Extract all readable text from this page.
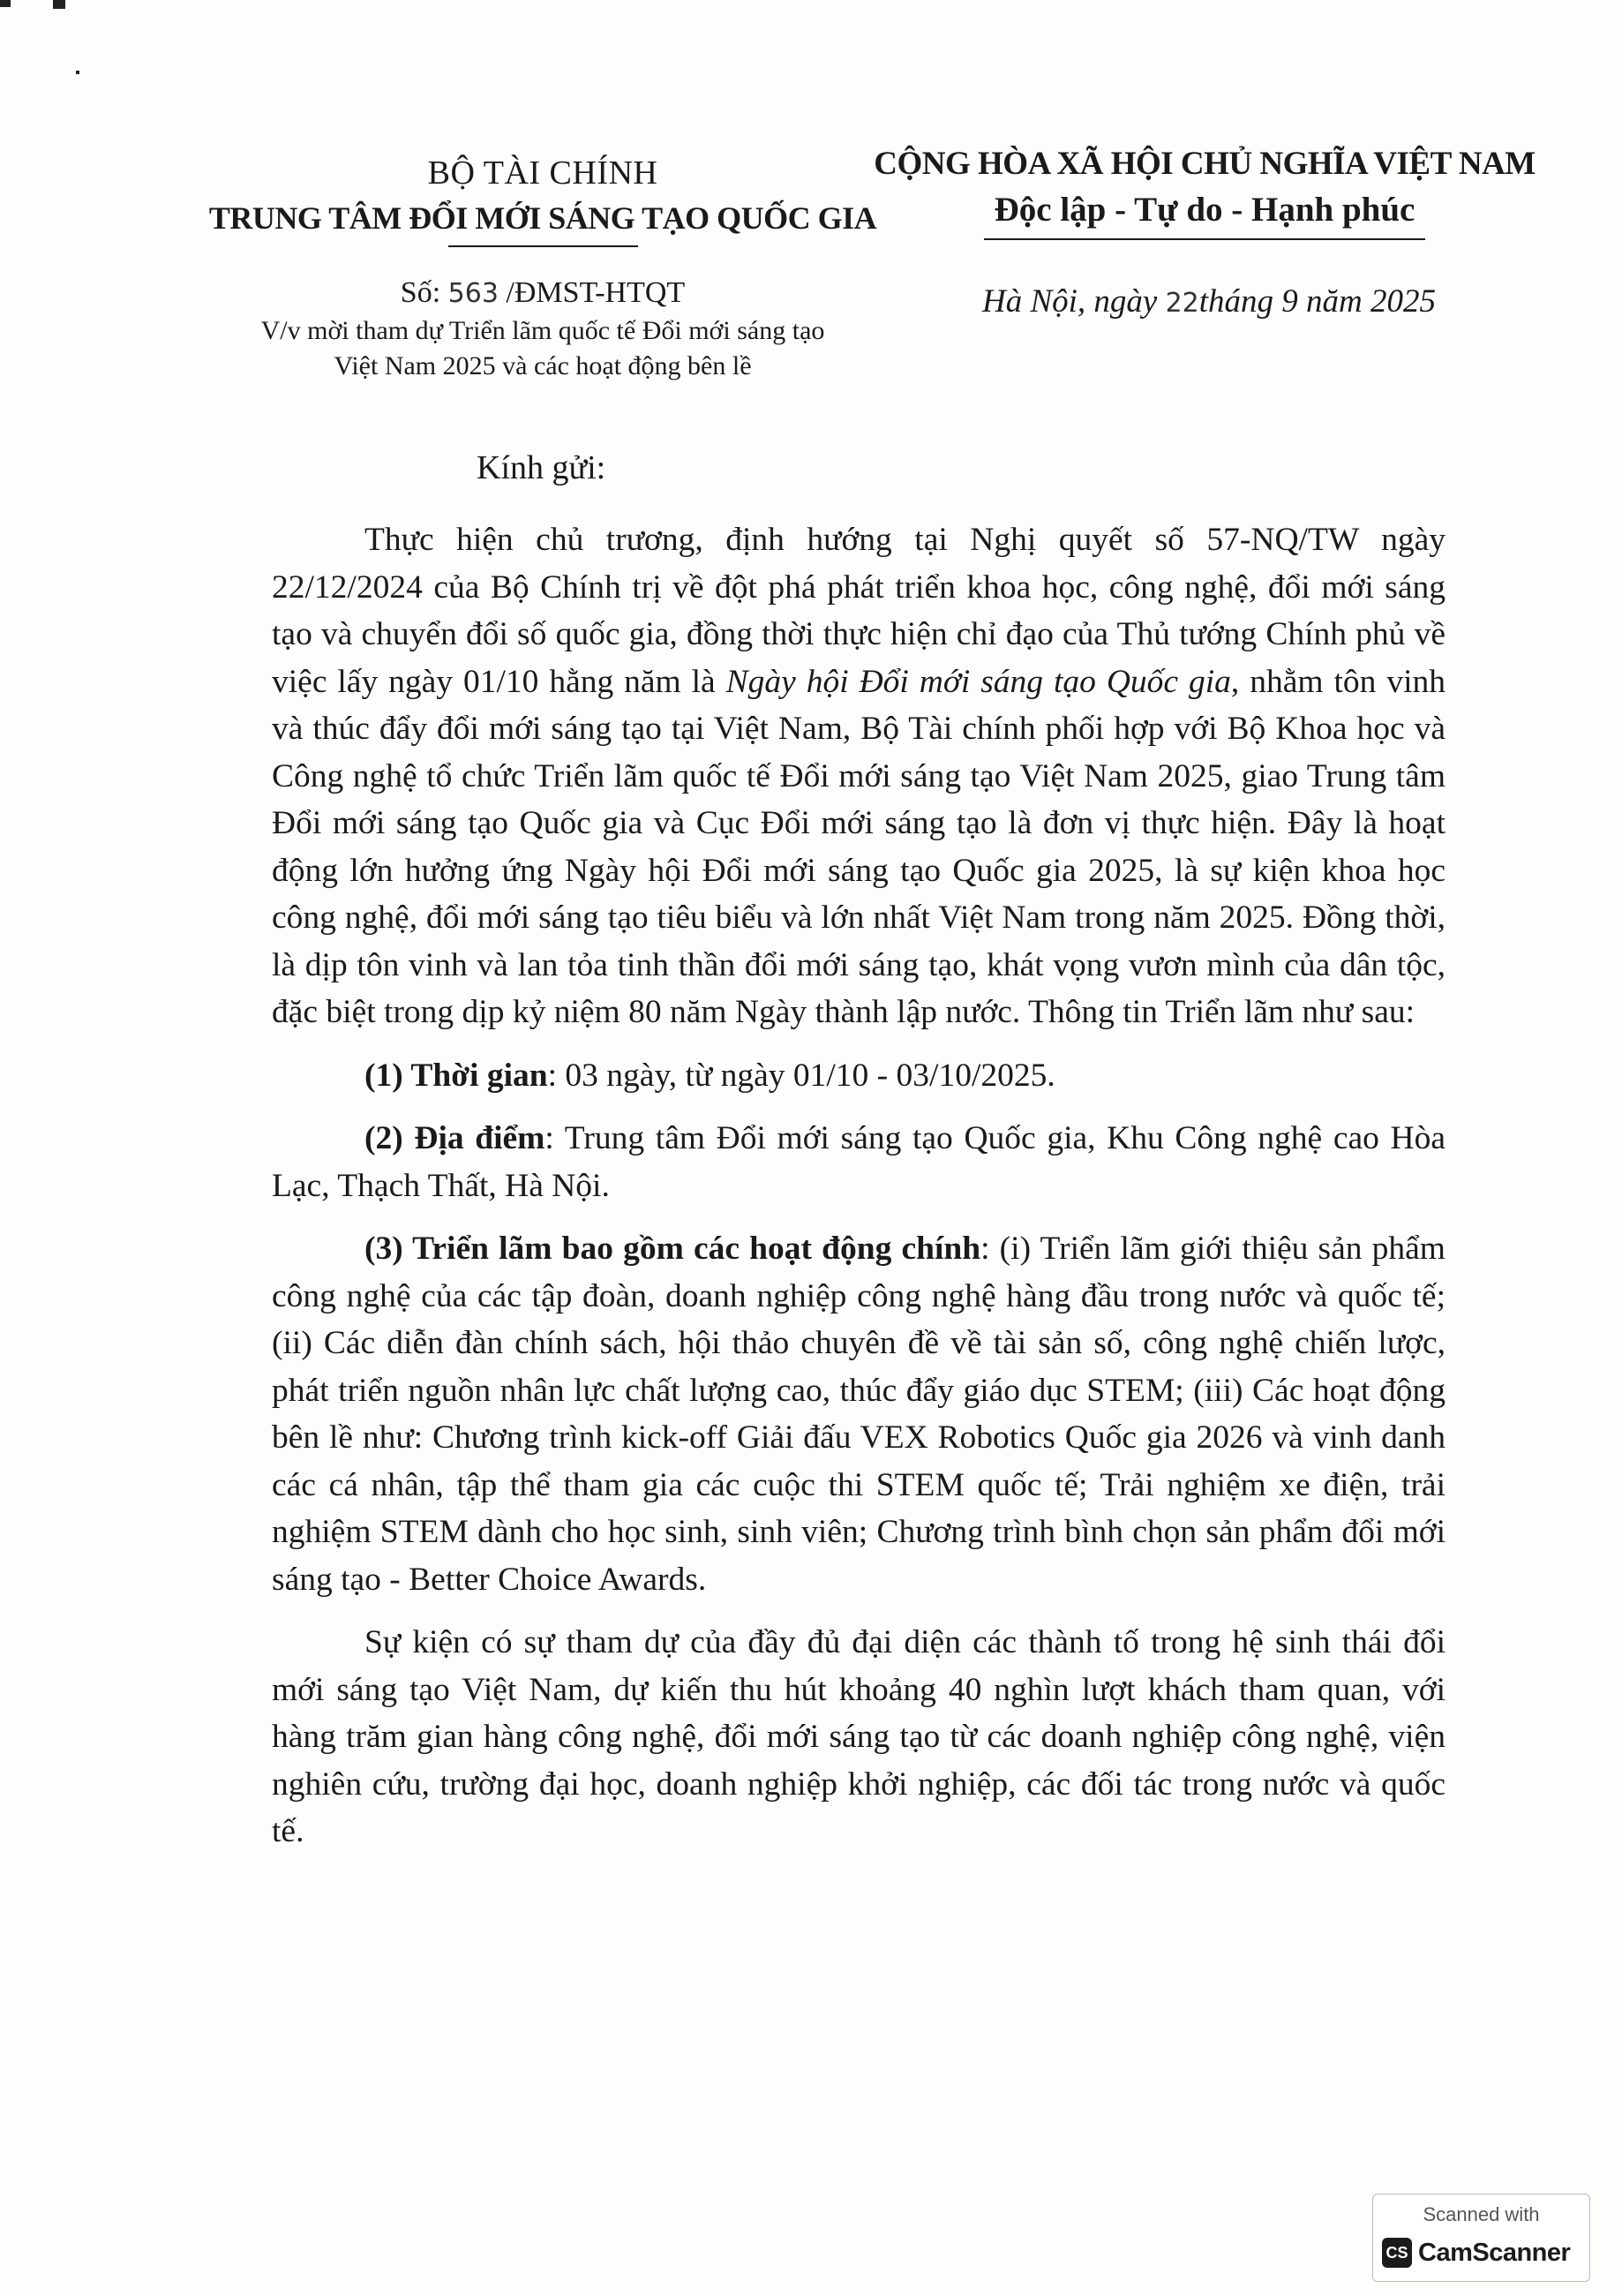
BỘ TÀI CHÍNH
TRUNG TÂM ĐỔI MỚI SÁNG TẠO QUỐC GIA
CỘNG HÒA XÃ HỘI CHỦ NGHĨA VIỆT NAM
Độc lập - Tự do - Hạnh phúc
Số: 563 /ĐMST-HTQT
V/v mời tham dự Triển lãm quốc tế Đổi mới sáng tạo
Việt Nam 2025 và các hoạt động bên lề
Hà Nội, ngày 22tháng 9 năm 2025
Kính gửi:

Thực hiện chủ trương, định hướng tại Nghị quyết số 57-NQ/TW ngày 22/12/2024 của Bộ Chính trị về đột phá phát triển khoa học, công nghệ, đổi mới sáng tạo và chuyển đổi số quốc gia, đồng thời thực hiện chỉ đạo của Thủ tướng Chính phủ về việc lấy ngày 01/10 hằng năm là Ngày hội Đổi mới sáng tạo Quốc gia, nhằm tôn vinh và thúc đẩy đổi mới sáng tạo tại Việt Nam, Bộ Tài chính phối hợp với Bộ Khoa học và Công nghệ tổ chức Triển lãm quốc tế Đổi mới sáng tạo Việt Nam 2025, giao Trung tâm Đổi mới sáng tạo Quốc gia và Cục Đổi mới sáng tạo là đơn vị thực hiện. Đây là hoạt động lớn hưởng ứng Ngày hội Đổi mới sáng tạo Quốc gia 2025, là sự kiện khoa học công nghệ, đổi mới sáng tạo tiêu biểu và lớn nhất Việt Nam trong năm 2025. Đồng thời, là dịp tôn vinh và lan tỏa tinh thần đổi mới sáng tạo, khát vọng vươn mình của dân tộc, đặc biệt trong dịp kỷ niệm 80 năm Ngày thành lập nước. Thông tin Triển lãm như sau:

(1) Thời gian: 03 ngày, từ ngày 01/10 - 03/10/2025.

(2) Địa điểm: Trung tâm Đổi mới sáng tạo Quốc gia, Khu Công nghệ cao Hòa Lạc, Thạch Thất, Hà Nội.

(3) Triển lãm bao gồm các hoạt động chính: (i) Triển lãm giới thiệu sản phẩm công nghệ của các tập đoàn, doanh nghiệp công nghệ hàng đầu trong nước và quốc tế; (ii) Các diễn đàn chính sách, hội thảo chuyên đề về tài sản số, công nghệ chiến lược, phát triển nguồn nhân lực chất lượng cao, thúc đẩy giáo dục STEM; (iii) Các hoạt động bên lề như: Chương trình kick-off Giải đấu VEX Robotics Quốc gia 2026 và vinh danh các cá nhân, tập thể tham gia các cuộc thi STEM quốc tế; Trải nghiệm xe điện, trải nghiệm STEM dành cho học sinh, sinh viên; Chương trình bình chọn sản phẩm đổi mới sáng tạo - Better Choice Awards.

Sự kiện có sự tham dự của đầy đủ đại diện các thành tố trong hệ sinh thái đổi mới sáng tạo Việt Nam, dự kiến thu hút khoảng 40 nghìn lượt khách tham quan, với hàng trăm gian hàng công nghệ, đổi mới sáng tạo từ các doanh nghiệp công nghệ, viện nghiên cứu, trường đại học, doanh nghiệp khởi nghiệp, các đối tác trong nước và quốc tế.

Scanned with
CS CamScanner
